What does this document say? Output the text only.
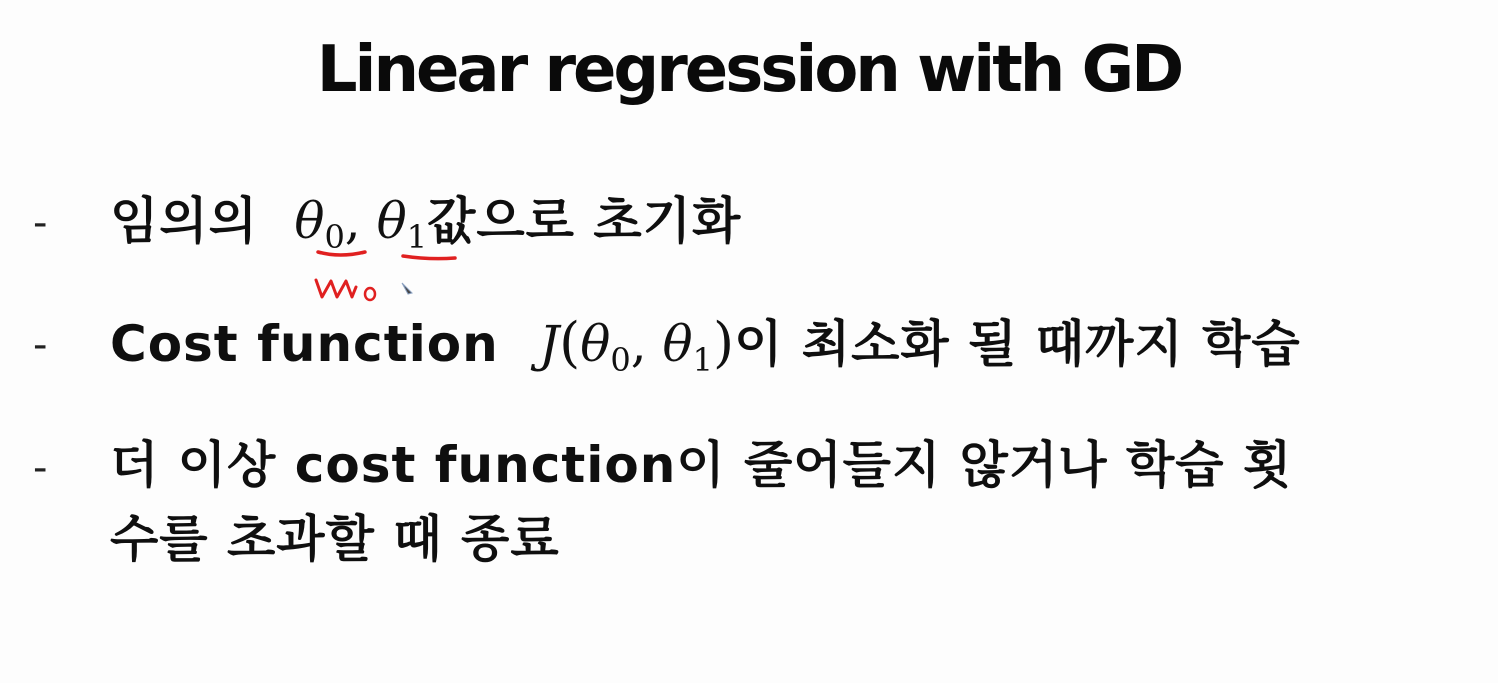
Linear regression with GD
- 임의의 $\theta_0$, $\theta_1$값으로 초기화
- Cost function $J(\theta_0$, $\theta_1$)이 최소화 될 때까지 학습
- 더 이상 cost function이 줄어들지 않거나 학습 횟
수를 초과할 때 종료
